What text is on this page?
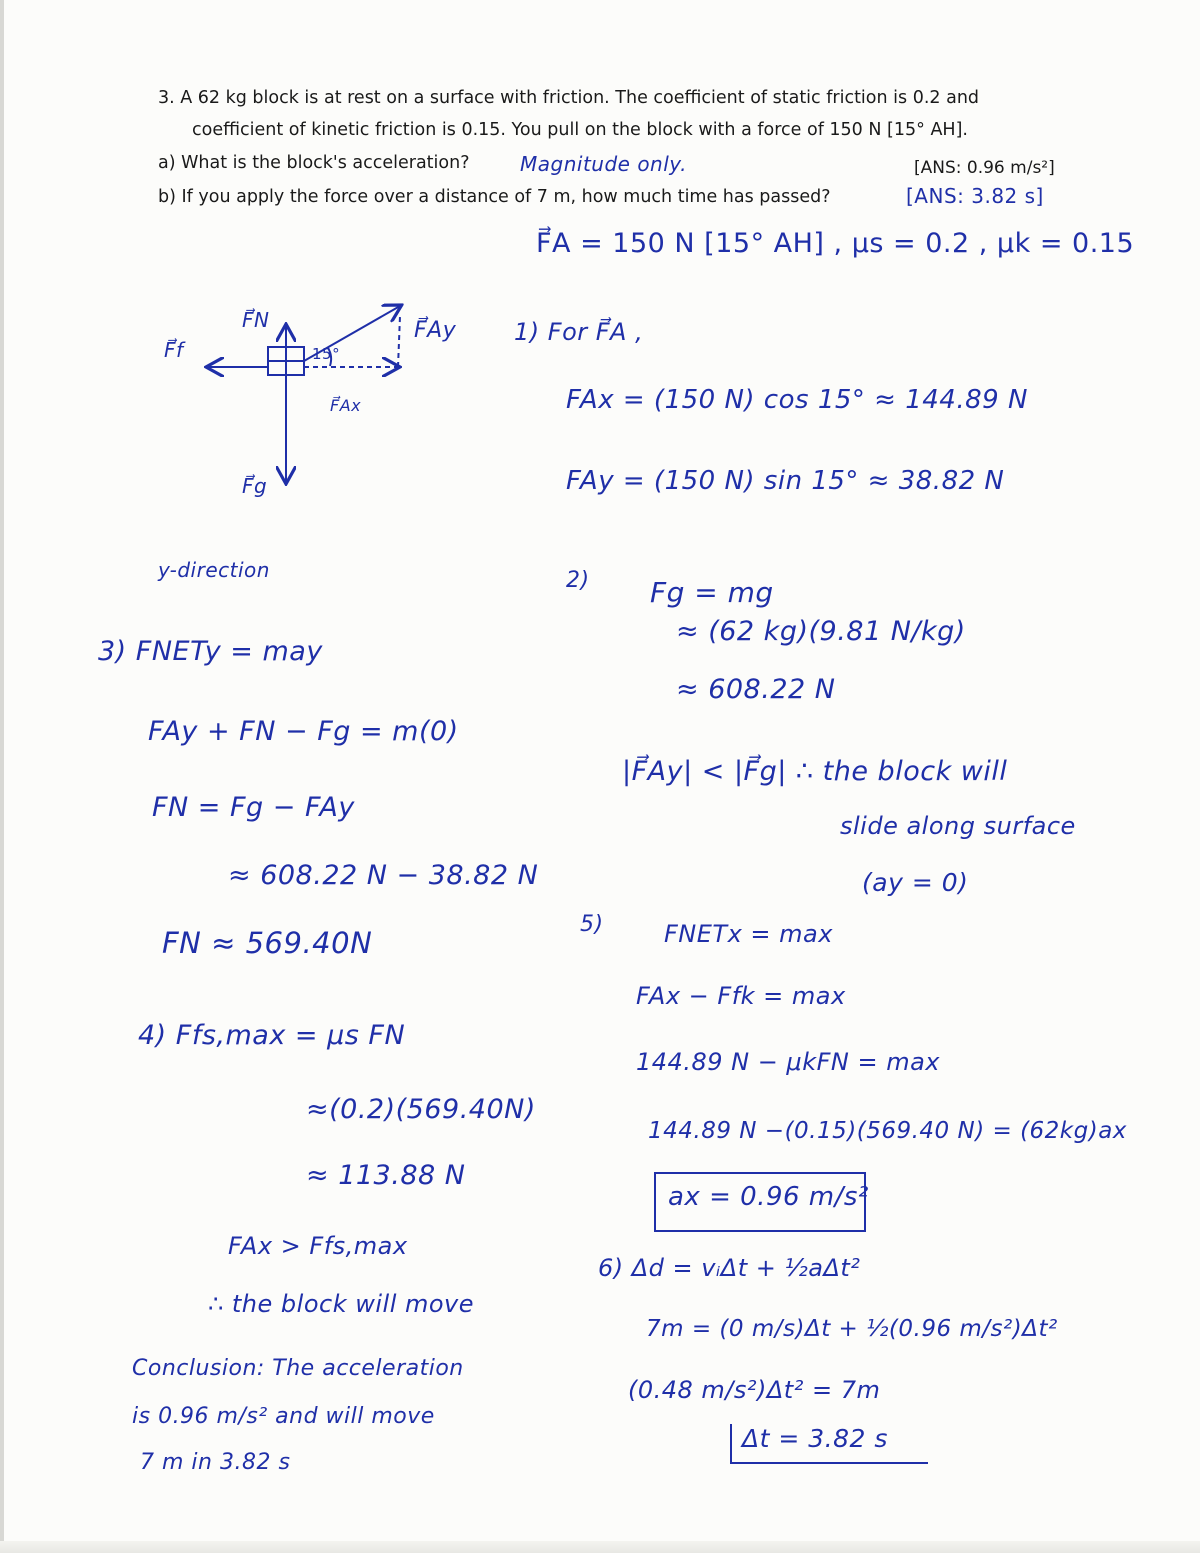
3. A 62 kg block is at rest on a surface with friction. The coefficient of static friction is 0.2 and
coefficient of kinetic friction is 0.15. You pull on the block with a force of 150 N [15° AH].
a) What is the block's acceleration?	Magnitude only.	[ANS: 0.96 m/s²]
b) If you apply the force over a distance of 7 m, how much time has passed?	[ANS: 3.82 s]
F⃗A = 150 N [15° AH] , μs = 0.2 , μk = 0.15
F⃗N
F⃗f	15°
F⃗Ay
F⃗Ax
F⃗g
1) For F⃗A ,
FAx = (150 N) cos 15° ≈ 144.89 N
FAy = (150 N) sin 15° ≈ 38.82 N
y-direction	2) Fg = mg
≈ (62 kg)(9.81 N/kg)
≈ 608.22 N
|F⃗Ay| < |F⃗g| ∴ the block will
slide along surface
(ay = 0)
3) FNETy = may
FAy + FN − Fg = m(0)
FN = Fg − FAy
≈ 608.22 N − 38.82 N
FN ≈ 569.40N
5)	FNETx = max
FAx − Ffk = max
144.89 N − μkFN = max
144.89 N −(0.15)(569.40 N) = (62kg)ax
ax = 0.96 m/s²
4) Ffs,max = μs FN
≈(0.2)(569.40N)
≈ 113.88 N
FAx > Ffs,max
∴ the block will move
6) Δd = vᵢΔt + ½aΔt²
7m = (0 m/s)Δt + ½(0.96 m/s²)Δt²
(0.48 m/s²)Δt² = 7m
Δt = 3.82 s
Conclusion: The acceleration
is 0.96 m/s² and will move
7 m in 3.82 s
